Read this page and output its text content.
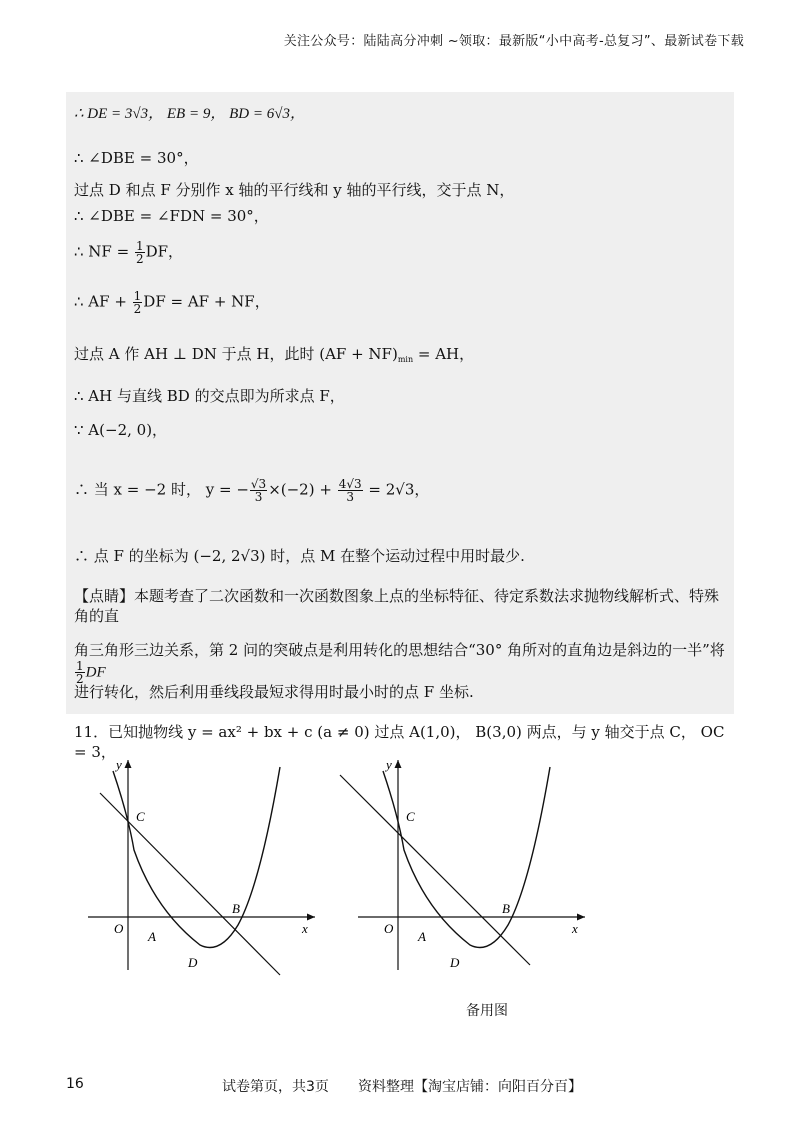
关注公众号：陆陆高分冲刺 ~领取：最新版“小中高考-总复习”、最新试卷下载
∴ DE = 3√3， EB = 9， BD = 6√3，
∴ ∠DBE = 30°，
过点 D 和点 F 分别作 x 轴的平行线和 y 轴的平行线，交于点 N，
∴ ∠DBE = ∠FDN = 30°，
∴ NF = $\frac{1}{2}$ DF，
∴ AF + $\frac{1}{2}$ DF = AF + NF，
过点 A 作 AH ⊥ DN 于点 H，此时 $(AF + NF)_{min}$ = AH，
∴ AH 与直线 BD 的交点即为所求点 F，
∵ A(−2, 0)，
∴ 当 x = −2 时， y = − $\frac{√3}{3} \times(-2) + \frac{4√3}{3} = 2√3$，
∴ 点 F 的坐标为 (−2, 2√3) 时，点 M 在整个运动过程中用时最少.
【点睛】本题考查了二次函数和一次函数图象上点的坐标特征、待定系数法求抛物线解析式、特殊角的直
角三角形三边关系，第 2 问的突破点是利用转化的思想结合“30° 角所对的直角边是斜边的一半”将
$\frac{1}{2}$ DF
进行转化，然后利用垂线段最短求得用时最小时的点 F 坐标.
11．已知抛物线 y = ax² + bx + c (a ≠ 0) 过点 A(1,0)， B(3,0) 两点，与 y 轴交于点 C， OC = 3，
y
x
O
A
B
C
D
y
x
O
A
B
C
D
备用图
16	试卷第页，共3页 资料整理【淘宝店铺：向阳百分百】
